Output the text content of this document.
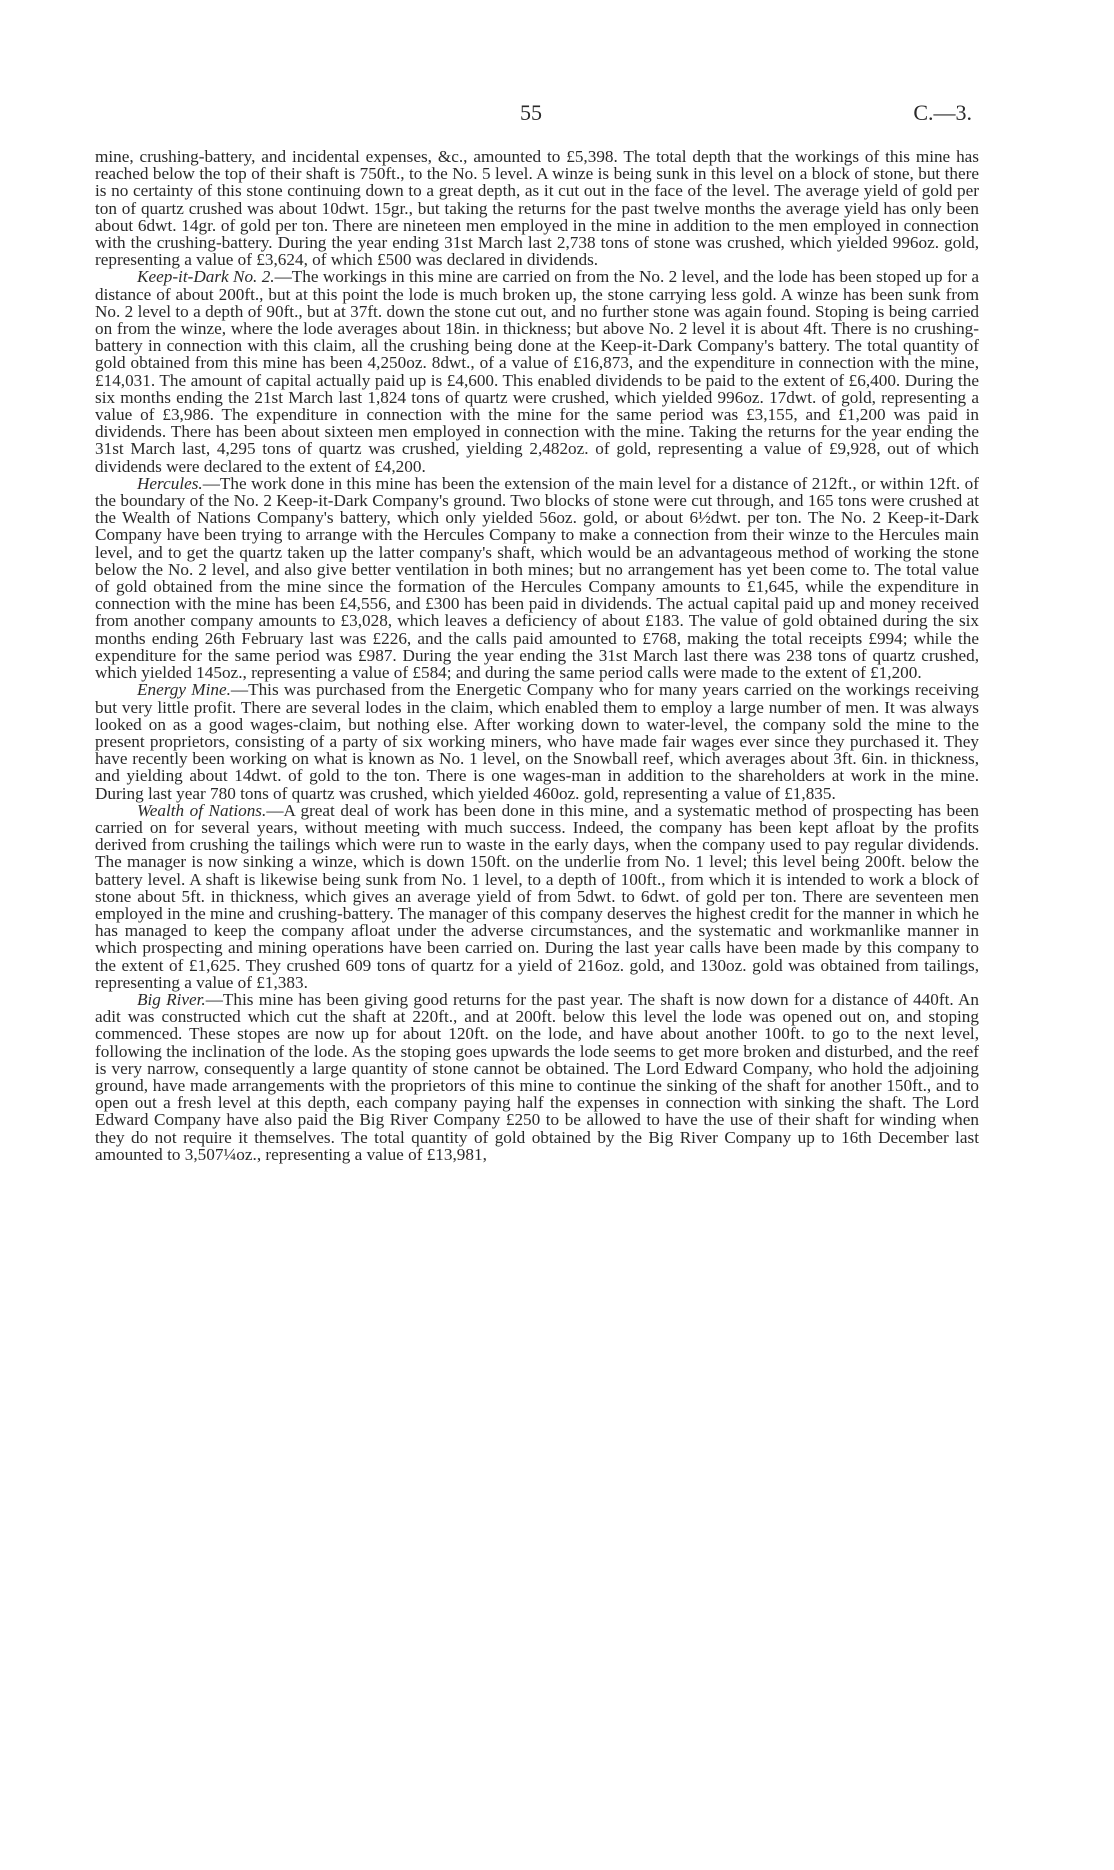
55	C.—3.

mine, crushing-battery, and incidental expenses, &c., amounted to £5,398. The total depth that the workings of this mine has reached below the top of their shaft is 750ft., to the No. 5 level. A winze is being sunk in this level on a block of stone, but there is no certainty of this stone continuing down to a great depth, as it cut out in the face of the level. The average yield of gold per ton of quartz crushed was about 10dwt. 15gr., but taking the returns for the past twelve months the average yield has only been about 6dwt. 14gr. of gold per ton. There are nineteen men employed in the mine in addition to the men employed in connection with the crushing-battery. During the year ending 31st March last 2,738 tons of stone was crushed, which yielded 996oz. gold, representing a value of £3,624, of which £500 was declared in dividends.

Keep-it-Dark No. 2.—The workings in this mine are carried on from the No. 2 level, and the lode has been stoped up for a distance of about 200ft., but at this point the lode is much broken up, the stone carrying less gold. A winze has been sunk from No. 2 level to a depth of 90ft., but at 37ft. down the stone cut out, and no further stone was again found. Stoping is being carried on from the winze, where the lode averages about 18in. in thickness; but above No. 2 level it is about 4ft. There is no crushing-battery in connection with this claim, all the crushing being done at the Keep-it-Dark Company's battery. The total quantity of gold obtained from this mine has been 4,250oz. 8dwt., of a value of £16,873, and the expenditure in connection with the mine, £14,031. The amount of capital actually paid up is £4,600. This enabled dividends to be paid to the extent of £6,400. During the six months ending the 21st March last 1,824 tons of quartz were crushed, which yielded 996oz. 17dwt. of gold, representing a value of £3,986. The expenditure in connection with the mine for the same period was £3,155, and £1,200 was paid in dividends. There has been about sixteen men employed in connection with the mine. Taking the returns for the year ending the 31st March last, 4,295 tons of quartz was crushed, yielding 2,482oz. of gold, representing a value of £9,928, out of which dividends were declared to the extent of £4,200.

Hercules.—The work done in this mine has been the extension of the main level for a distance of 212ft., or within 12ft. of the boundary of the No. 2 Keep-it-Dark Company's ground. Two blocks of stone were cut through, and 165 tons were crushed at the Wealth of Nations Company's battery, which only yielded 56oz. gold, or about 6½dwt. per ton. The No. 2 Keep-it-Dark Company have been trying to arrange with the Hercules Company to make a connection from their winze to the Hercules main level, and to get the quartz taken up the latter company's shaft, which would be an advantageous method of working the stone below the No. 2 level, and also give better ventilation in both mines; but no arrangement has yet been come to. The total value of gold obtained from the mine since the formation of the Hercules Company amounts to £1,645, while the expenditure in connection with the mine has been £4,556, and £300 has been paid in dividends. The actual capital paid up and money received from another company amounts to £3,028, which leaves a deficiency of about £183. The value of gold obtained during the six months ending 26th February last was £226, and the calls paid amounted to £768, making the total receipts £994; while the expenditure for the same period was £987. During the year ending the 31st March last there was 238 tons of quartz crushed, which yielded 145oz., representing a value of £584; and during the same period calls were made to the extent of £1,200.

Energy Mine.—This was purchased from the Energetic Company who for many years carried on the workings receiving but very little profit. There are several lodes in the claim, which enabled them to employ a large number of men. It was always looked on as a good wages-claim, but nothing else. After working down to water-level, the company sold the mine to the present proprietors, consisting of a party of six working miners, who have made fair wages ever since they purchased it. They have recently been working on what is known as No. 1 level, on the Snowball reef, which averages about 3ft. 6in. in thickness, and yielding about 14dwt. of gold to the ton. There is one wages-man in addition to the shareholders at work in the mine. During last year 780 tons of quartz was crushed, which yielded 460oz. gold, representing a value of £1,835.

Wealth of Nations.—A great deal of work has been done in this mine, and a systematic method of prospecting has been carried on for several years, without meeting with much success. Indeed, the company has been kept afloat by the profits derived from crushing the tailings which were run to waste in the early days, when the company used to pay regular dividends. The manager is now sinking a winze, which is down 150ft. on the underlie from No. 1 level; this level being 200ft. below the battery level. A shaft is likewise being sunk from No. 1 level, to a depth of 100ft., from which it is intended to work a block of stone about 5ft. in thickness, which gives an average yield of from 5dwt. to 6dwt. of gold per ton. There are seventeen men employed in the mine and crushing-battery. The manager of this company deserves the highest credit for the manner in which he has managed to keep the company afloat under the adverse circumstances, and the systematic and workmanlike manner in which prospecting and mining operations have been carried on. During the last year calls have been made by this company to the extent of £1,625. They crushed 609 tons of quartz for a yield of 216oz. gold, and 130oz. gold was obtained from tailings, representing a value of £1,383.

Big River.—This mine has been giving good returns for the past year. The shaft is now down for a distance of 440ft. An adit was constructed which cut the shaft at 220ft., and at 200ft. below this level the lode was opened out on, and stoping commenced. These stopes are now up for about 120ft. on the lode, and have about another 100ft. to go to the next level, following the inclination of the lode. As the stoping goes upwards the lode seems to get more broken and disturbed, and the reef is very narrow, consequently a large quantity of stone cannot be obtained. The Lord Edward Company, who hold the adjoining ground, have made arrangements with the proprietors of this mine to continue the sinking of the shaft for another 150ft., and to open out a fresh level at this depth, each company paying half the expenses in connection with sinking the shaft. The Lord Edward Company have also paid the Big River Company £250 to be allowed to have the use of their shaft for winding when they do not require it themselves. The total quantity of gold obtained by the Big River Company up to 16th December last amounted to 3,507¼oz., representing a value of £13,981,
